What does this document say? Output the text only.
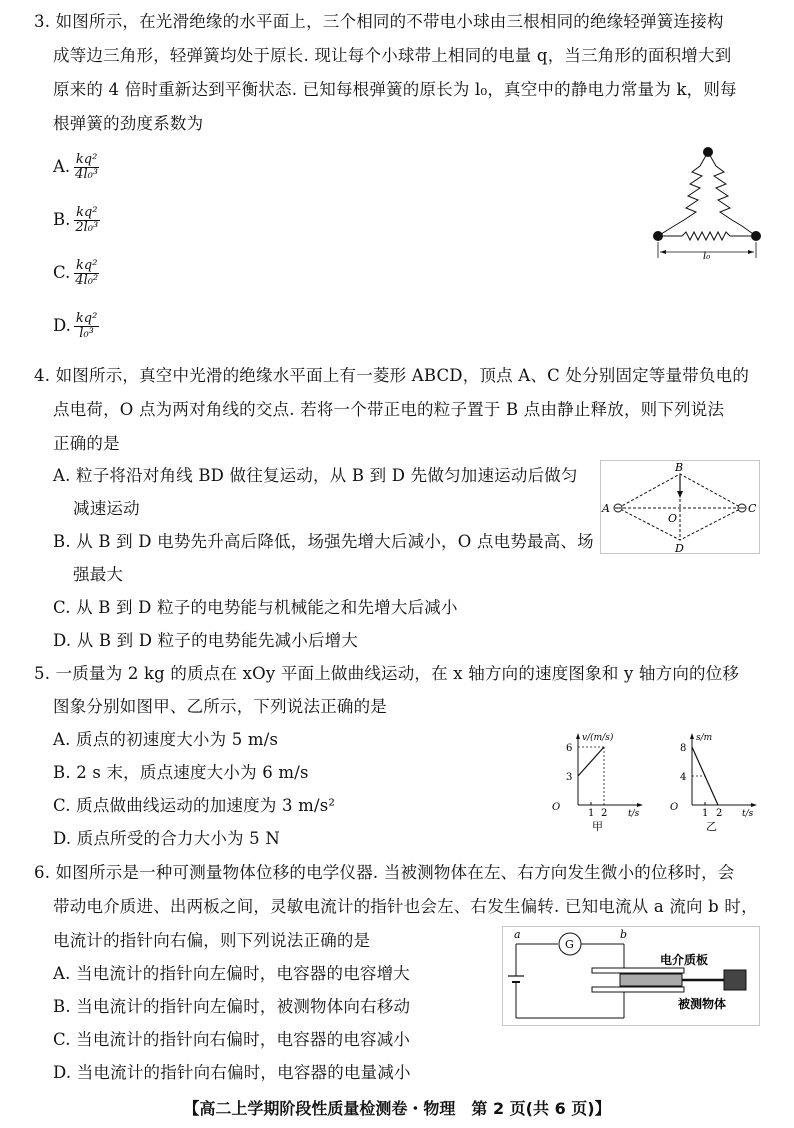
3. 如图所示，在光滑绝缘的水平面上，三个相同的不带电小球由三根相同的绝缘轻弹簧连接构
成等边三角形，轻弹簧均处于原长. 现让每个小球带上相同的电量 q，当三角形的面积增大到
原来的 4 倍时重新达到平衡状态. 已知每根弹簧的原长为 l₀，真空中的静电力常量为 k，则每
根弹簧的劲度系数为
A. $\frac{\text{kq²}}{\text{4l₀³}}$
B. $\frac{\text{kq²}}{\text{2l₀³}}$
C. $\frac{\text{kq²}}{\text{4l₀²}}$
D. $\frac{\text{kq²}}{\text{l₀³}}$
l₀
4. 如图所示，真空中光滑的绝缘水平面上有一菱形 ABCD，顶点 A、C 处分别固定等量带负电的
点电荷，O 点为两对角线的交点. 若将一个带正电的粒子置于 B 点由静止释放，则下列说法
正确的是
A. 粒子将沿对角线 BD 做往复运动，从 B 到 D 先做匀加速运动后做匀
减速运动
B. 从 B 到 D 电势先升高后降低，场强先增大后减小，O 点电势最高、场
强最大
C. 从 B 到 D 粒子的电势能与机械能之和先增大后减小
D. 从 B 到 D 粒子的电势能先减小后增大
A
B
C
D
O
5. 一质量为 2 kg 的质点在 xOy 平面上做曲线运动，在 x 轴方向的速度图象和 y 轴方向的位移
图象分别如图甲、乙所示，下列说法正确的是
A. 质点的初速度大小为 5 m/s
B. 2 s 末，质点速度大小为 6 m/s
C. 质点做曲线运动的加速度为 3 m/s²
D. 质点所受的合力大小为 5 N
v/(m/s)
6
3
O
1 2 t/s
甲
s/m
8
4
O
1 2 t/s
乙
6. 如图所示是一种可测量物体位移的电学仪器. 当被测物体在左、右方向发生微小的位移时，会
带动电介质进、出两板之间，灵敏电流计的指针也会左、右发生偏转. 已知电流从 a 流向 b 时，
电流计的指针向右偏，则下列说法正确的是
A. 当电流计的指针向左偏时，电容器的电容增大
B. 当电流计的指针向左偏时，被测物体向右移动
C. 当电流计的指针向右偏时，电容器的电容减小
D. 当电流计的指针向右偏时，电容器的电量减小
G
a	b
电介质板
被测物体
【高二上学期阶段性质量检测卷・物理　第 2 页(共 6 页)】
